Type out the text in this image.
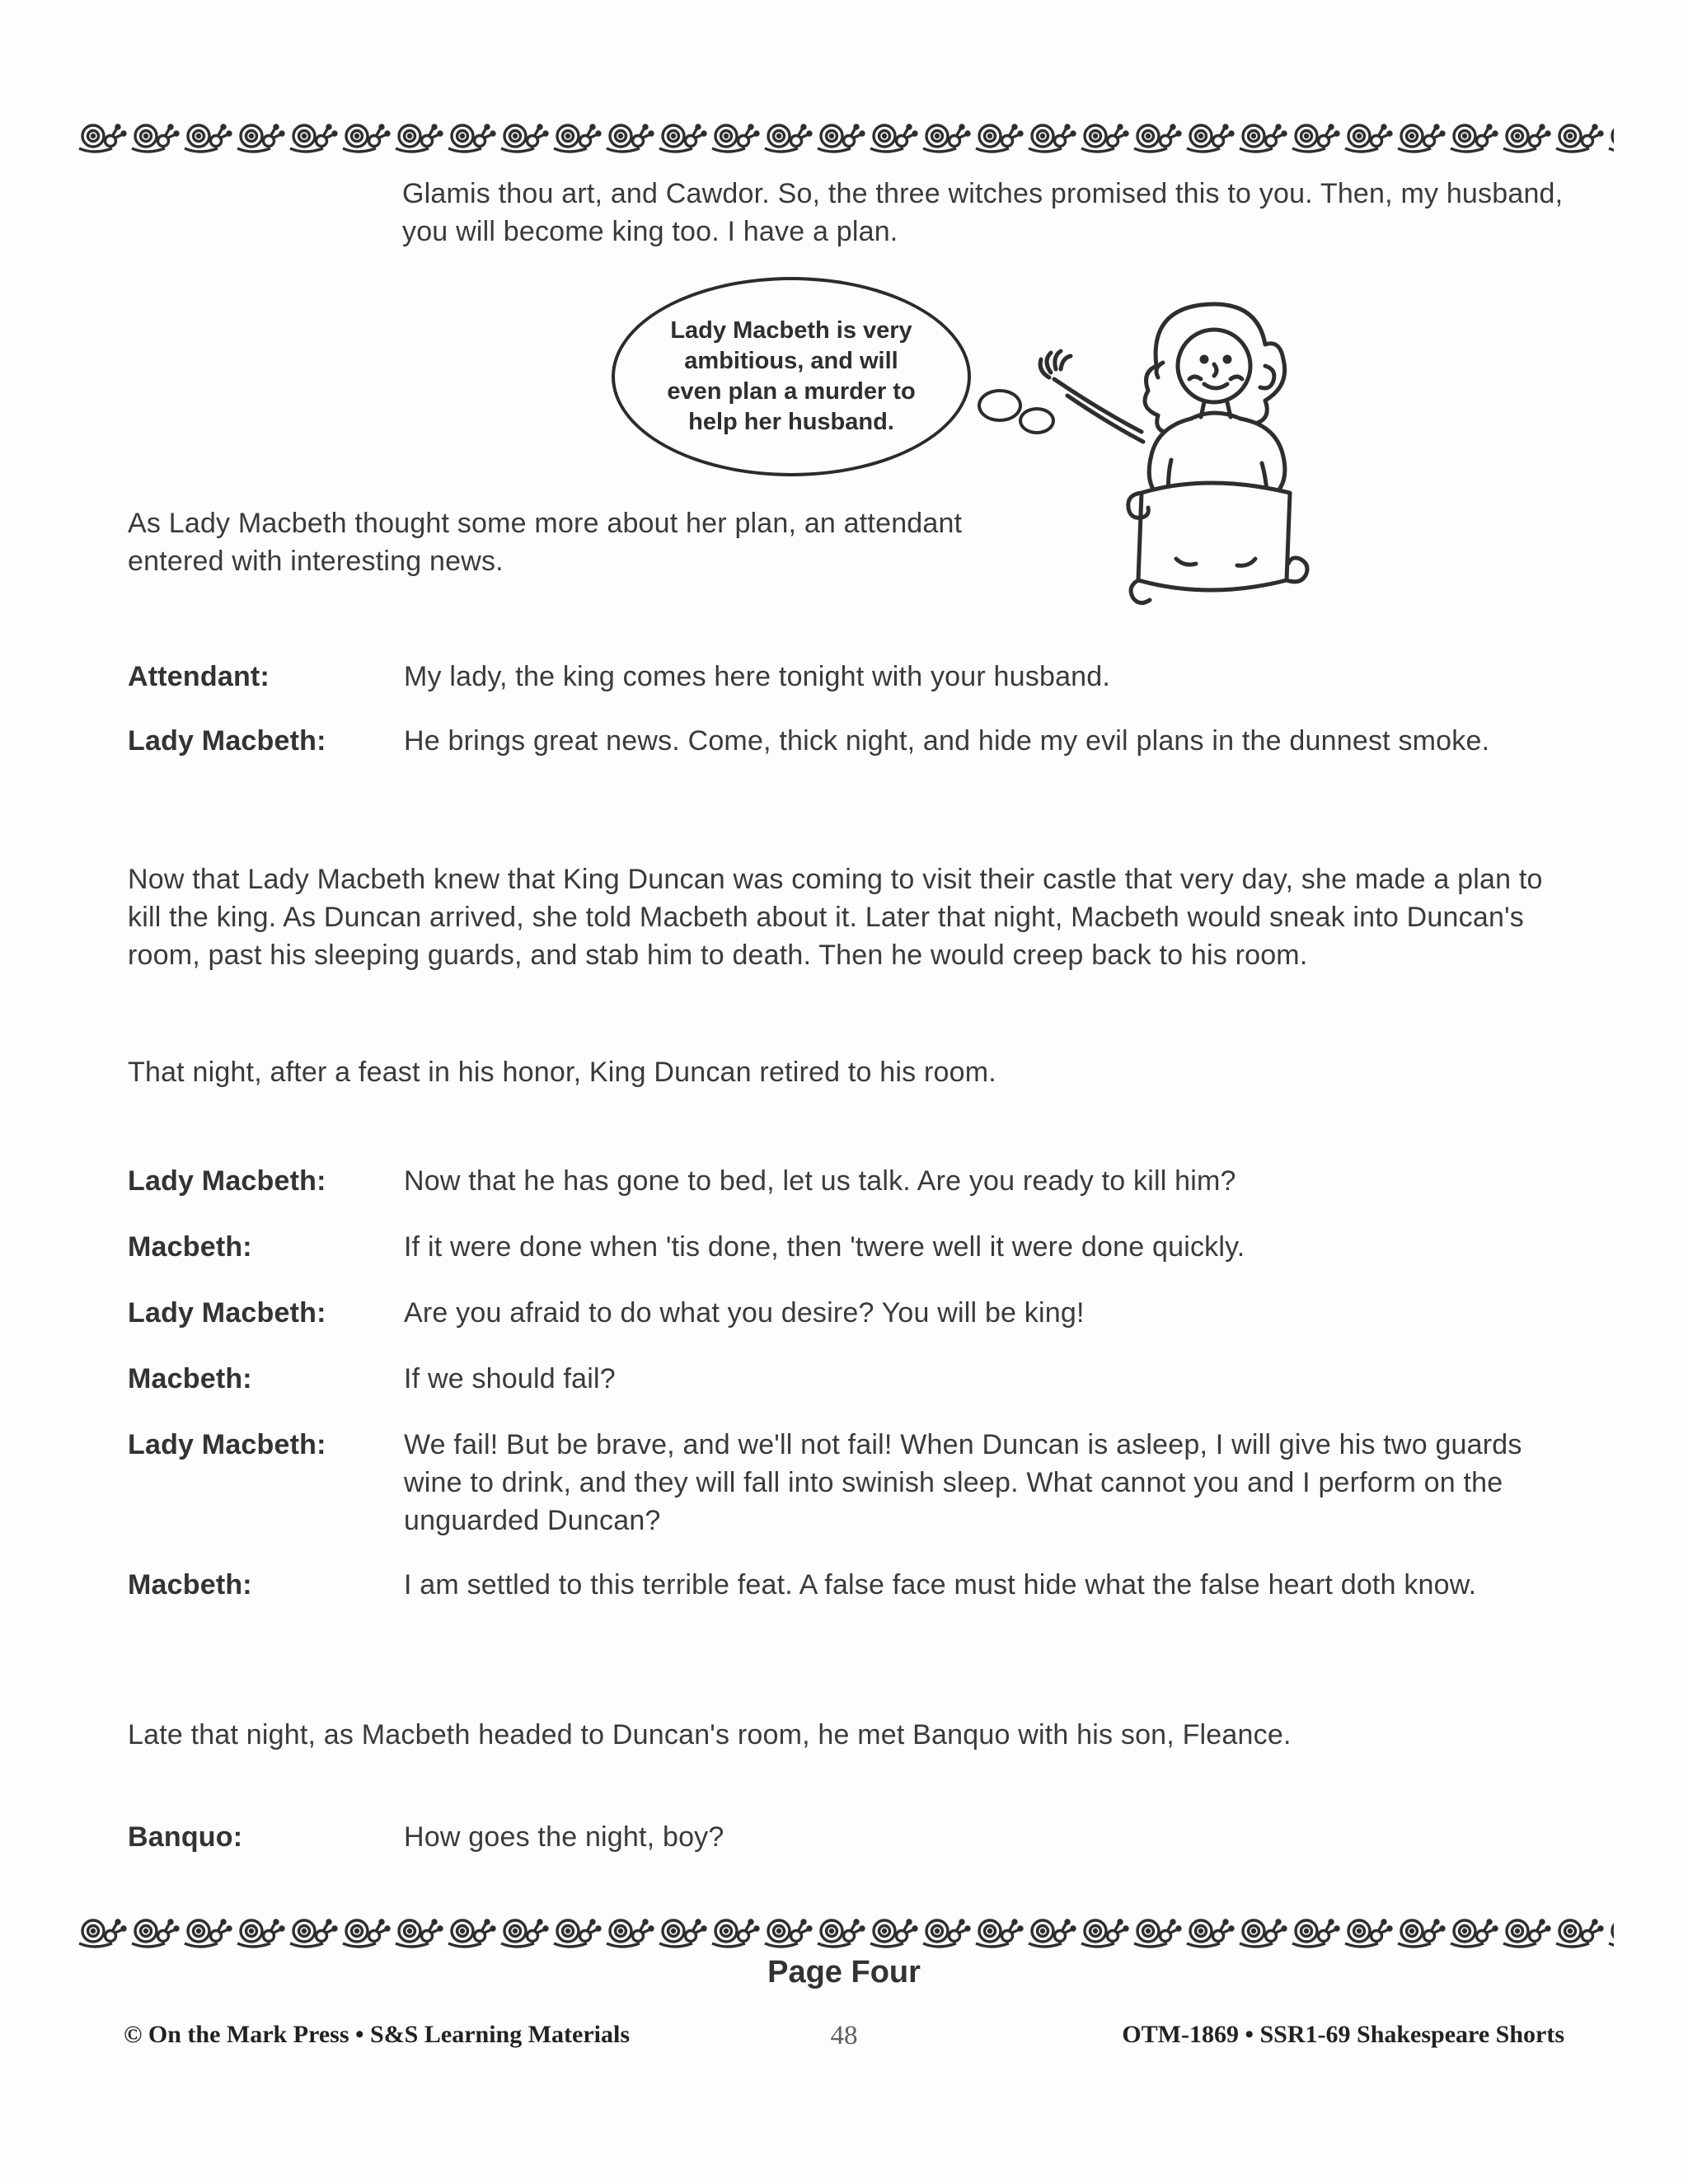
Glamis thou art, and Cawdor. So, the three witches promised this to you. Then, my husband, you will become king too. I have a plan.
Lady Macbeth is very ambitious, and will even plan a murder to help her husband.
As Lady Macbeth thought some more about her plan, an attendant entered with interesting news.
Attendant:	My lady, the king comes here tonight with your husband.
Lady Macbeth:	He brings great news. Come, thick night, and hide my evil plans in the dunnest smoke.
Now that Lady Macbeth knew that King Duncan was coming to visit their castle that very day, she made a plan to kill the king. As Duncan arrived, she told Macbeth about it. Later that night, Macbeth would sneak into Duncan's room, past his sleeping guards, and stab him to death. Then he would creep back to his room.
That night, after a feast in his honor, King Duncan retired to his room.
Lady Macbeth:	Now that he has gone to bed, let us talk. Are you ready to kill him?
Macbeth:	If it were done when 'tis done, then 'twere well it were done quickly.
Lady Macbeth:	Are you afraid to do what you desire? You will be king!
Macbeth:	If we should fail?
Lady Macbeth:	We fail! But be brave, and we'll not fail! When Duncan is asleep, I will give his two guards wine to drink, and they will fall into swinish sleep. What cannot you and I perform on the unguarded Duncan?
Macbeth:	I am settled to this terrible feat. A false face must hide what the false heart doth know.
Late that night, as Macbeth headed to Duncan's room, he met Banquo with his son, Fleance.
Banquo:	How goes the night, boy?
Page Four
© On the Mark Press • S&S Learning Materials	48	OTM-1869 • SSR1-69 Shakespeare Shorts
